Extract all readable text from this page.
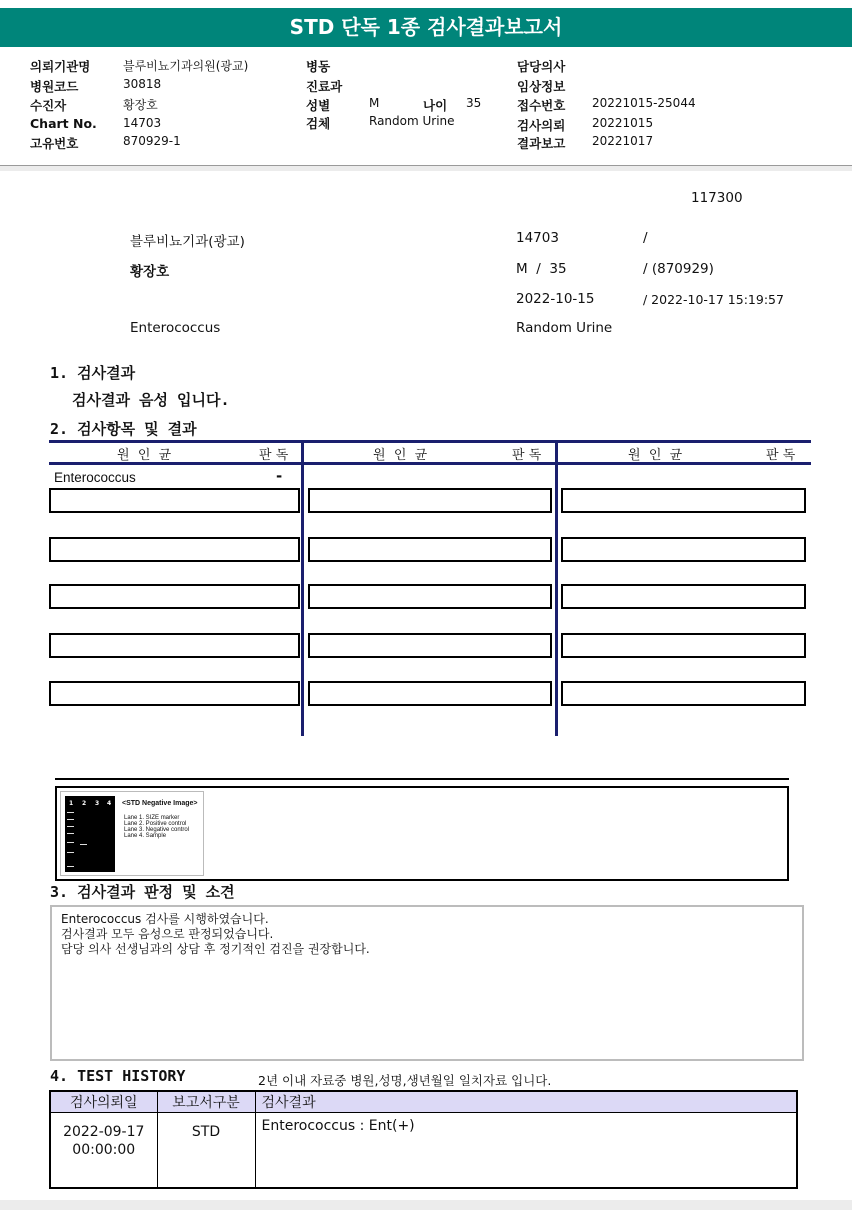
STD 단독 1종 검사결과보고서
의뢰기관명	블루비뇨기과의원(광교)
병원코드	30818
수진자	황장호
Chart No. 14703
고유번호	870929-1
병동
진료과
성별	M	나이 35
검체	Random Urine
담당의사
임상정보
접수번호 20221015-25044
검사의뢰 20221015
결과보고 20221017
117300
블루비뇨기과(광교)	14703	/
황장호	M  /  35	/ (870929)
2022-10-15	/ 2022-10-17 15:19:57
Enterococcus	Random Urine
1. 검사결과
검사결과 음성 입니다.
2. 검사항목 및 결과
원  인  균	판 독	원  인  균	판 독	원  인  균	판 독
Enterococcus	-
1 2 3 4 <STD Negative Image>
Lane 1. SIZE marker
Lane 2. Positive control
Lane 3. Negative control
Lane 4. Sample
3. 검사결과 판정 및 소견
Enterococcus 검사를 시행하였습니다.
검사결과 모두 음성으로 판정되었습니다.
담당 의사 선생님과의 상담 후 정기적인 검진을 권장합니다.
4. TEST HISTORY	2년 이내 자료중 병원,성명,생년월일 일치자료 입니다.
검사의뢰일	보고서구분	검사결과

2022-09-17
00:00:00	STD	Enterococcus : Ent(+)
